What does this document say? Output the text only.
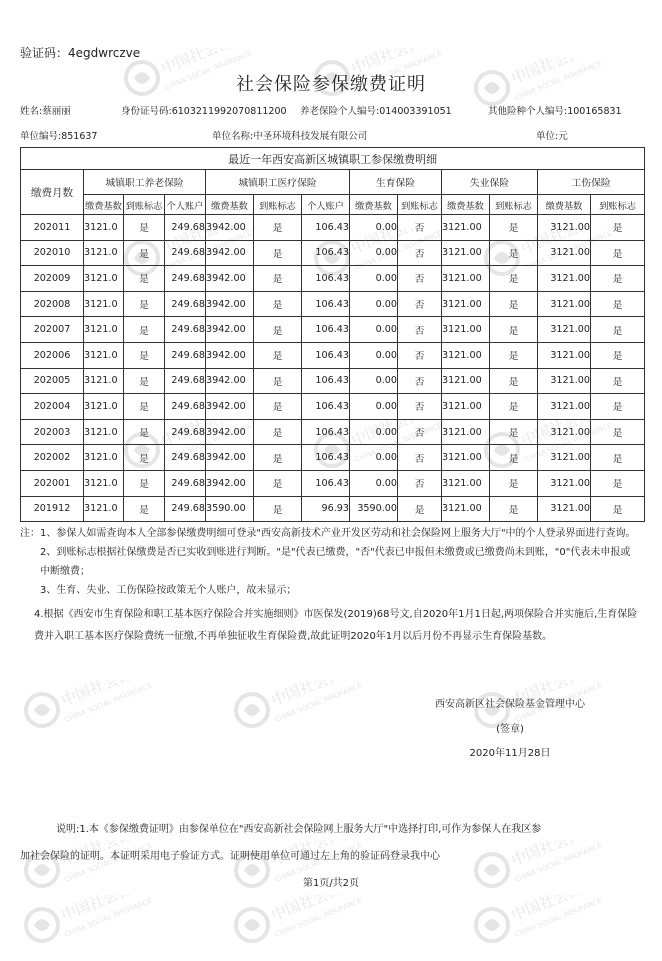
验证码：4egdwrczve
社会保险参保缴费证明
姓名:蔡丽丽	身份证号码:6103211992070811200 养老保险个人编号:014003391051	其他险种个人编号:100165831
单位编号:851637	单位名称:中圣环境科技发展有限公司	单位:元
最近一年西安高新区城镇职工参保缴费明细												
缴费月数	城镇职工养老保险			城镇职工医疗保险			生育保险		失业保险		工伤保险	
	缴费基数	到账标志	个人账户	缴费基数	到账标志	个人账户	缴费基数	到账标志	缴费基数	到账标志	缴费基数	到账标志
202011	3121.0	是	249.68	3942.00	是	106.43	0.00	否	3121.00	是	3121.00	是
202010	3121.0	是	249.68	3942.00	是	106.43	0.00	否	3121.00	是	3121.00	是
202009	3121.0	是	249.68	3942.00	是	106.43	0.00	否	3121.00	是	3121.00	是
202008	3121.0	是	249.68	3942.00	是	106.43	0.00	否	3121.00	是	3121.00	是
202007	3121.0	是	249.68	3942.00	是	106.43	0.00	否	3121.00	是	3121.00	是
202006	3121.0	是	249.68	3942.00	是	106.43	0.00	否	3121.00	是	3121.00	是
202005	3121.0	是	249.68	3942.00	是	106.43	0.00	否	3121.00	是	3121.00	是
202004	3121.0	是	249.68	3942.00	是	106.43	0.00	否	3121.00	是	3121.00	是
202003	3121.0	是	249.68	3942.00	是	106.43	0.00	否	3121.00	是	3121.00	是
202002	3121.0	是	249.68	3942.00	是	106.43	0.00	否	3121.00	是	3121.00	是
202001	3121.0	是	249.68	3942.00	是	106.43	0.00	否	3121.00	是	3121.00	是
201912	3121.0	是	249.68	3590.00	是	96.93	3590.00	是	3121.00	是	3121.00	是

注：1、参保人如需查询本人全部参保缴费明细可登录"西安高新技术产业开发区劳动和社会保险网上服务大厅"中的个人登录界面进行查询。

2、到账标志根据社保缴费是否已实收到账进行判断。"是"代表已缴费，"否"代表已申报但未缴费或已缴费尚未到账，"0"代表未申报或中断缴费；

3、生育、失业、工伤保险按政策无个人账户，故未显示；

4.根据《西安市生育保险和职工基本医疗保险合并实施细则》市医保发(2019)68号文,自2020年1月1日起,两项保险合并实施后,生育保险费并入职工基本医疗保险费统一征缴,不再单独征收生育保险费,故此证明2020年1月以后月份不再显示生育保险基数。

西安高新区社会保险基金管理中心
(签章)
2020年11月28日
说明:1.本《参保缴费证明》由参保单位在"西安高新社会保险网上服务大厅"中选择打印,可作为参保人在我区参加社会保险的证明。本证明采用电子验证方式。证明使用单位可通过左上角的验证码登录我中心
第1页/共2页
